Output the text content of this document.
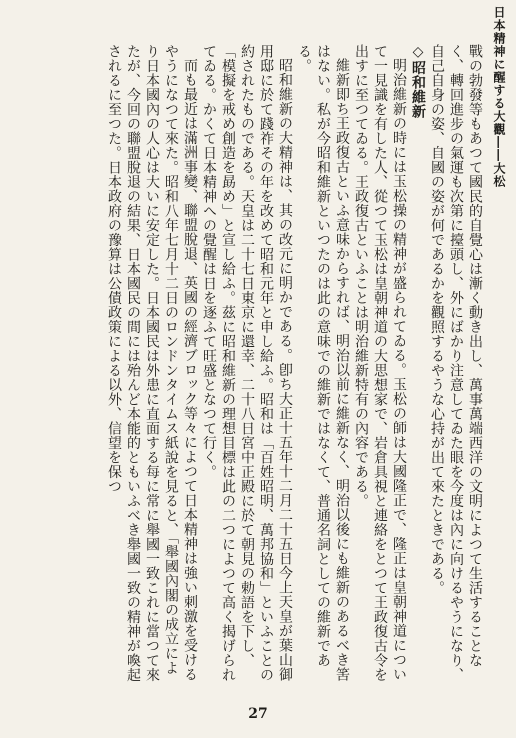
日本精神に醒する大觀――大松

戰の勃發等もあつて國民的自覺心は漸く動き出し、萬事萬端西洋の文明によつて生活することなく、轉回進步の氣運も次第に擡頭し、外にばかり注意してゐた眼を今度は內に向けるやうになり、自己自身の姿、自國の姿が何であるかを觀照するやうな心持が出て來たときである。

◇昭和維新

明治維新の時には玉松操の精神が盛られてゐる。玉松の師は大國隆正で、隆正は皇朝神道について一見識を有した人、從つて玉松は皇朝神道の大思想家で、岩倉具視と連絡をとつて王政復古令を出すに至つてゐる。王政復古といふことは明治維新特有の內容である。

維新即ち王政復古といふ意味からすれば、明治以前に維新なく、明治以後にも維新のあるべき筈はない。私が今昭和維新といつたのは此の意味での維新ではなくて、普通名詞としての維新である。

昭和維新の大精神は、其の改元に明かである。卽ち大正十五年十二月二十五日今上天皇が葉山御用邸に於て踐祚その年を改めて昭和元年と申し給ふ。昭和は「百姓昭明、萬邦協和」といふことの約されたものである。天皇は二十七日東京に還幸、二十八日宮中正殿に於て朝見の勅語を下し、「模擬を戒め創造を勗め」と宣し給ふ。茲に昭和維新の理想目標は此の二つによつて高く揭げられてゐる。かくて日本精神への覺醒は日を逐ふて旺盛となつて行く。

而も最近は滿洲事變、聯盟脫退、英國の經濟ブロック等々によつて日本精神は強い刺激を受けるやうになつて來た。昭和八年七月十二日のロンドンタイムス紙說を見ると、「舉國內閣の成立により日本國內の人心は大いに安定した。日本國民は外患に直面する每に常に舉國一致これに當つて來たが、今回の聯盟脫退の結果、日本國民の間には殆んど本能的ともいふべき舉國一致の精神が喚起されるに至つた。日本政府の豫算は公債政策による以外、信望を保つ

27
